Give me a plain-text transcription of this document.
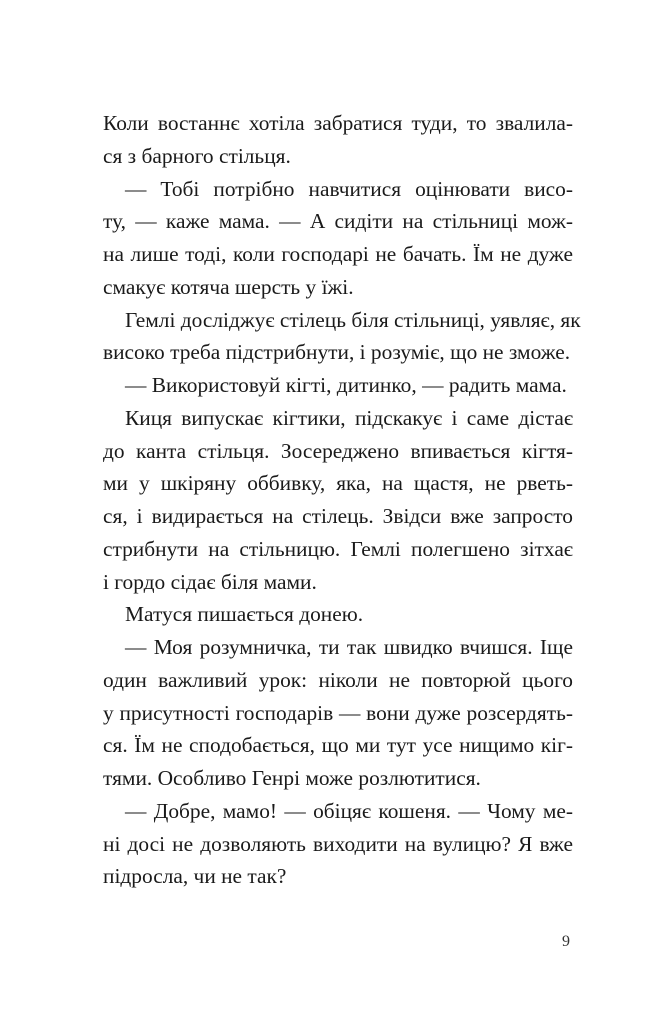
Коли востаннє хотіла забратися туди, то звалила-
ся з барного стільця.
— Тобі потрібно навчитися оцінювати висо-
ту, — каже мама. — А сидіти на стільниці мож-
на лише тоді, коли господарі не бачать. Їм не дуже
смакує котяча шерсть у їжі.
Гемлі досліджує стілець біля стільниці, уявляє, як
високо треба підстрибнути, і розуміє, що не зможе.
— Використовуй кігті, дитинко, — радить мама.
Киця випускає кігтики, підскакує і саме дістає
до канта стільця. Зосереджено впивається кігтя-
ми у шкіряну оббивку, яка, на щастя, не рветь-
ся, і видирається на стілець. Звідси вже запросто
стрибнути на стільницю. Гемлі полегшено зітхає
і гордо сідає біля мами.
Матуся пишається донею.
— Моя розумничка, ти так швидко вчишся. Іще
один важливий урок: ніколи не повторюй цього
у присутності господарів — вони дуже розсердять-
ся. Їм не сподобається, що ми тут усе нищимо кіг-
тями. Особливо Генрі може розлютитися.
— Добре, мамо! — обіцяє кошеня. — Чому ме-
ні досі не дозволяють виходити на вулицю? Я вже
підросла, чи не так?
9
